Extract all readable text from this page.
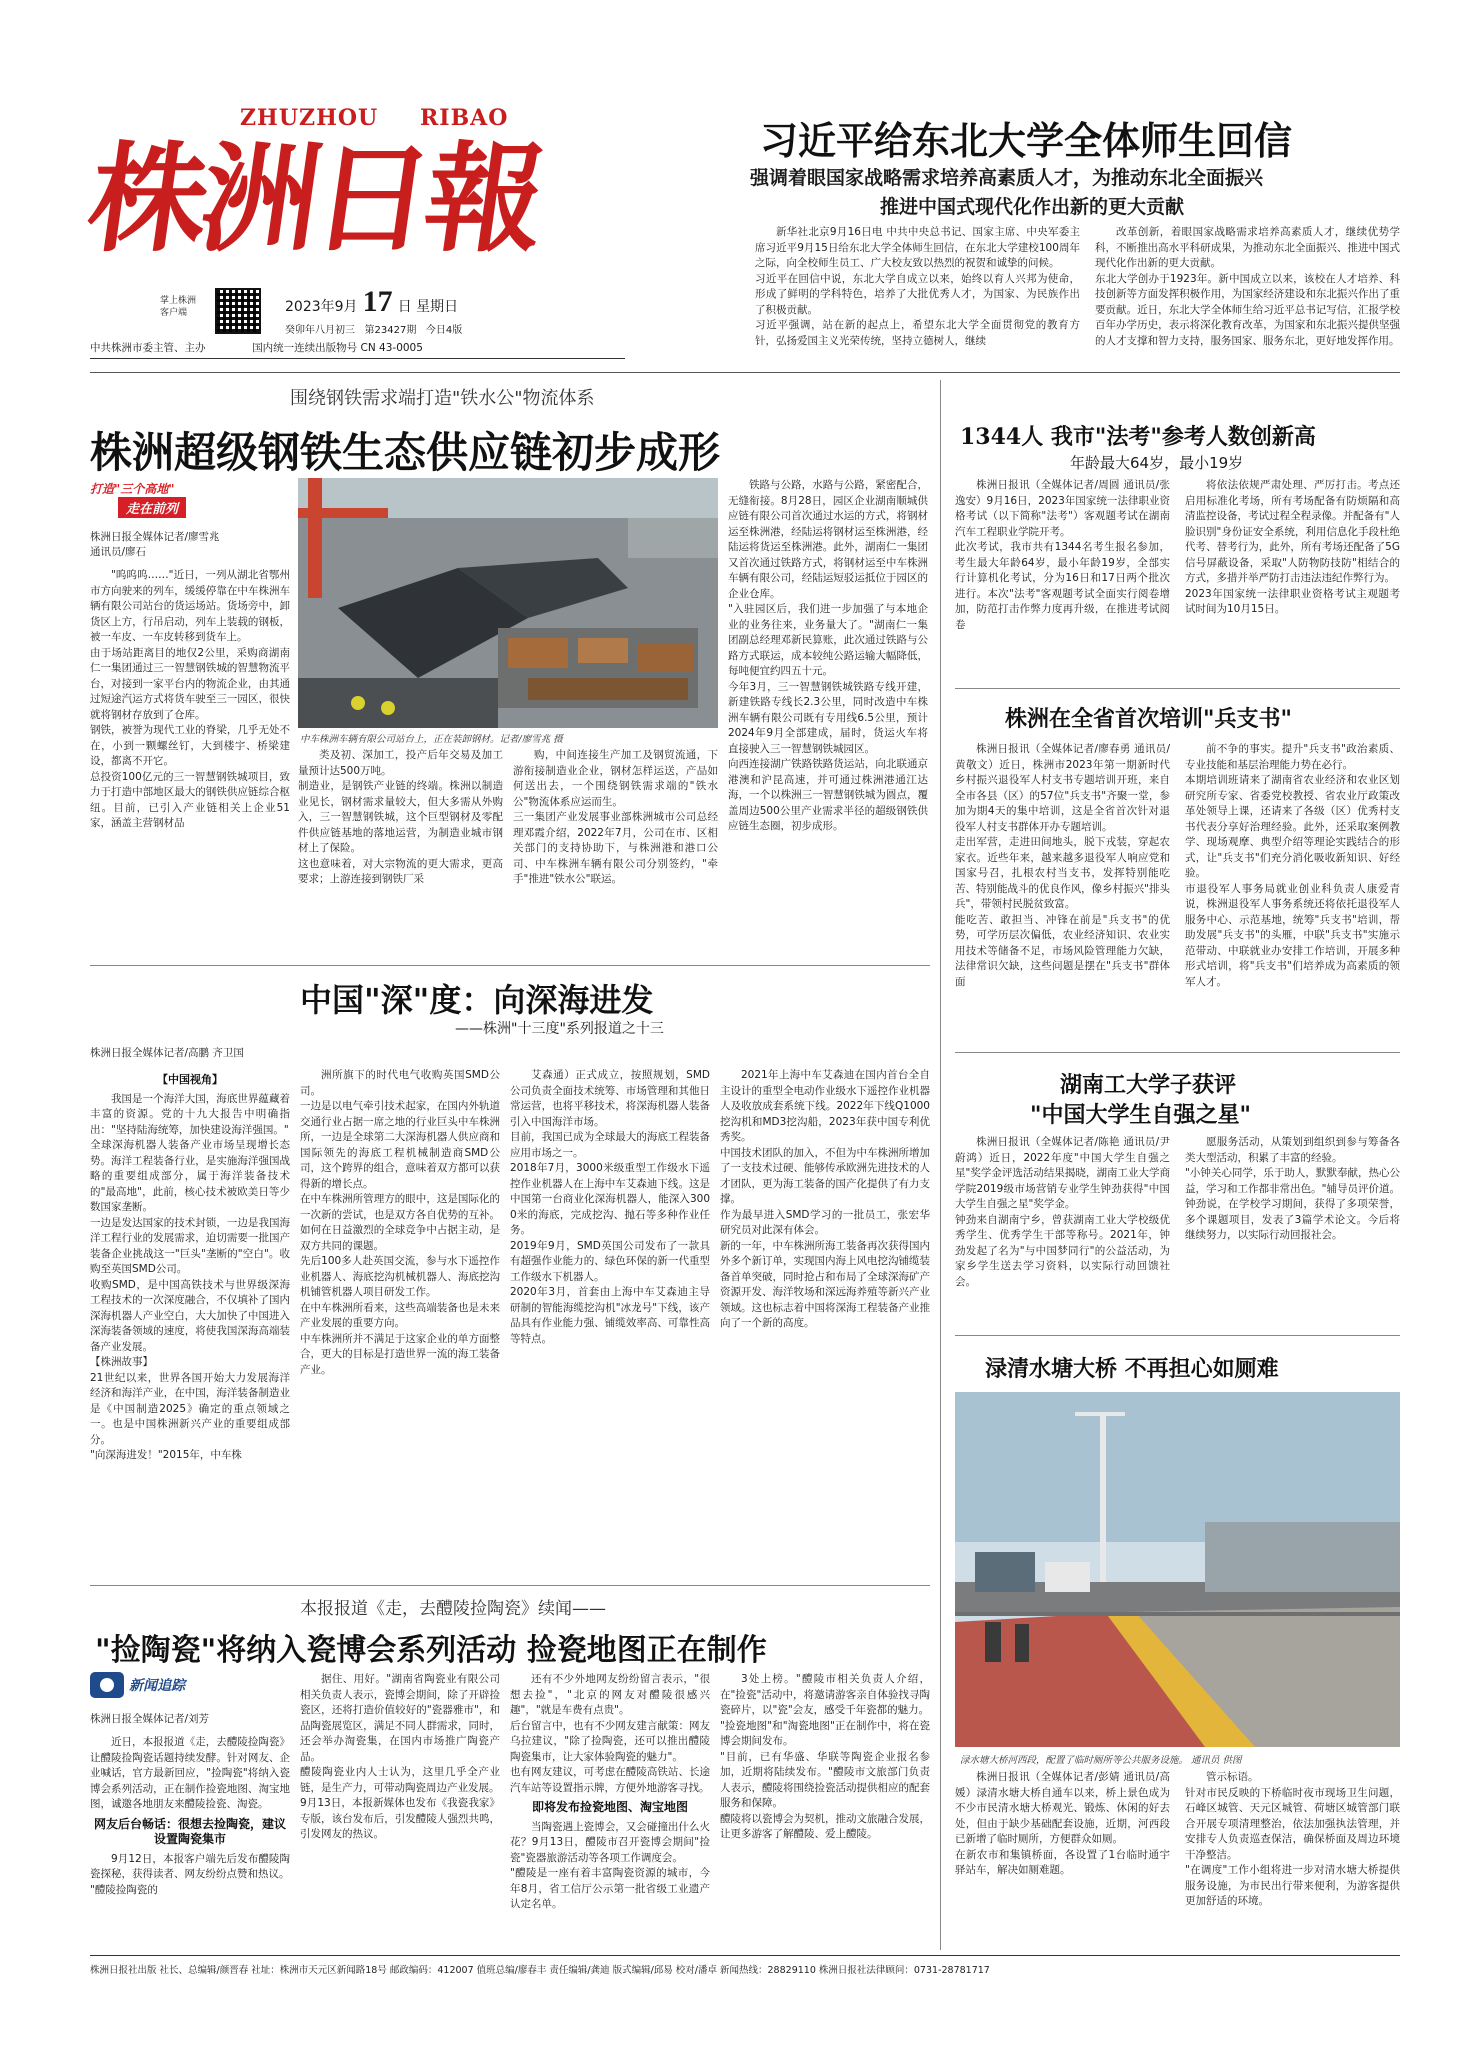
ZHUZHOU RIBAO
株洲日報
掌上株洲
客户端	2023年9月 17 日 星期日
癸卯年八月初三 第23427期 今日4版
中共株洲市委主管、主办	国内统一连续出版物号 CN 43-0005
习近平给东北大学全体师生回信
强调着眼国家战略需求培养高素质人才，为推动东北全面振兴
推进中国式现代化作出新的更大贡献

新华社北京9月16日电 中共中央总书记、国家主席、中央军委主席习近平9月15日给东北大学全体师生回信，在东北大学建校100周年之际，向全校师生员工、广大校友致以热烈的祝贺和诚挚的问候。
习近平在回信中说，东北大学自成立以来，始终以育人兴邦为使命，形成了鲜明的学科特色，培养了大批优秀人才，为国家、为民族作出了积极贡献。
习近平强调，站在新的起点上，希望东北大学全面贯彻党的教育方针，弘扬爱国主义光荣传统，坚持立德树人，继续

改革创新，着眼国家战略需求培养高素质人才，继续优势学科，不断推出高水平科研成果，为推动东北全面振兴、推进中国式现代化作出新的更大贡献。
东北大学创办于1923年。新中国成立以来，该校在人才培养、科技创新等方面发挥积极作用，为国家经济建设和东北振兴作出了重要贡献。近日，东北大学全体师生给习近平总书记写信，汇报学校百年办学历史，表示将深化教育改革，为国家和东北振兴提供坚强的人才支撑和智力支持，服务国家、服务东北，更好地发挥作用。

围绕钢铁需求端打造"铁水公"物流体系
株洲超级钢铁生态供应链初步成形
打造"三个高地"
走在前列
株洲日报全媒体记者/廖雪兆
通讯员/廖石

"呜呜呜……"近日，一列从湖北省鄂州市方向驶来的列车，缓缓停靠在中车株洲车辆有限公司站台的货运场站。货场旁中，卸货区上方，行吊启动，列车上装载的钢板，被一车皮、一车皮转移到货车上。
由于场站距离目的地仅2公里，采购商湖南仁一集团通过三一智慧钢铁城的智慧物流平台，对接到一家平台内的物流企业，由其通过短途汽运方式将货车驶至三一园区，很快就将钢材存放到了仓库。
钢铁，被誉为现代工业的脊梁，几乎无处不在，小到一颗螺丝钉，大到楼宇、桥梁建设，都离不开它。
总投资100亿元的三一智慧钢铁城项目，致力于打造中部地区最大的钢铁供应链综合枢纽。目前，已引入产业链相关上企业51家，涵盖主营钢材品

中车株洲车辆有限公司站台上，正在装卸钢材。记者/廖雪兆 摄

类及初、深加工，投产后年交易及加工量预计达500万吨。
制造业，是钢铁产业链的终端。株洲以制造业见长，钢材需求量较大，但大多需从外购入，三一智慧钢铁城，这个巨型钢材及零配件供应链基地的落地运营，为制造业城市钢材上了保险。
这也意味着，对大宗物流的更大需求，更高要求；上游连接到钢铁厂采

购，中间连接生产加工及钢贸流通，下游衔接制造业企业，钢材怎样运送，产品如何送出去，一个围绕钢铁需求端的"铁水公"物流体系应运而生。
三一集团产业发展事业部株洲城市公司总经理邓霞介绍，2022年7月，公司在市、区相关部门的支持协助下，与株洲港和港口公司、中车株洲车辆有限公司分别签约，"牵手"推进"铁水公"联运。

铁路与公路，水路与公路，紧密配合，无缝衔接。8月28日，园区企业湖南顺城供应链有限公司首次通过水运的方式，将钢材运至株洲港，经陆运将钢材运至株洲港，经陆运将货运至株洲港。此外，湖南仁一集团又首次通过铁路方式，将钢材运至中车株洲车辆有限公司，经陆运短驳运抵位于园区的企业仓库。
"入驻园区后，我们进一步加强了与本地企业的业务往来，业务量大了。"湖南仁一集团副总经理邓新民算账，此次通过铁路与公路方式联运，成本较纯公路运输大幅降低，每吨便宜约四五十元。
今年3月，三一智慧钢铁城铁路专线开建，新建铁路专线长2.3公里，同时改造中车株洲车辆有限公司既有专用线6.5公里，预计2024年9月全部建成，届时，货运火车将直接驶入三一智慧钢铁城园区。
向西连接湖广铁路铁路货运站，向北联通京港澳和沪昆高速，并可通过株洲港通江达海，一个以株洲三一智慧钢铁城为圆点，覆盖周边500公里产业需求半径的超级钢铁供应链生态圈，初步成形。

1344人 我市"法考"参考人数创新高
年龄最大64岁，最小19岁

株洲日报讯（全媒体记者/周圆 通讯员/张逸安）9月16日，2023年国家统一法律职业资格考试（以下简称"法考"）客观题考试在湖南汽车工程职业学院开考。
此次考试，我市共有1344名考生报名参加，考生最大年龄64岁，最小年龄19岁，全部实行计算机化考试，分为16日和17日两个批次进行。本次"法考"客观题考试全面实行阅卷增加，防范打击作弊力度再升级，在推进考试阅卷

将依法依规严肃处理、严厉打击。考点还启用标准化考场，所有考场配备有防烦隔和高清监控设备，考试过程全程录像。并配备有"人脸识别"身份证安全系统，利用信息化手段杜绝代考、替考行为，此外，所有考场还配备了5G信号屏蔽设备，采取"人防物防技防"相结合的方式，多措并举严防打击违法违纪作弊行为。
2023年国家统一法律职业资格考试主观题考试时间为10月15日。

株洲在全省首次培训"兵支书"

株洲日报讯（全媒体记者/廖春勇 通讯员/黄敬文）近日，株洲市2023年第一期新时代乡村振兴退役军人村支书专题培训开班，来自全市各县（区）的57位"兵支书"齐聚一堂，参加为期4天的集中培训，这是全省首次针对退役军人村支书群体开办专题培训。
走出军营，走进田间地头，脱下戎装，穿起农家衣。近些年来，越来越多退役军人响应党和国家号召，扎根农村当支书，发挥特别能吃苦、特别能战斗的优良作风，像乡村振兴"排头兵"，带领村民脱贫致富。
能吃苦、敢担当、冲锋在前是"兵支书"的优势，可学历层次偏低，农业经济知识、农业实用技术等储备不足，市场风险管理能力欠缺，法律常识欠缺，这些问题是摆在"兵支书"群体面

前不争的事实。提升"兵支书"政治素质、专业技能和基层治理能力势在必行。
本期培训班请来了湖南省农业经济和农业区划研究所专家、省委党校教授、省农业厅政策改革处领导上课，还请来了各级（区）优秀村支书代表分享好治理经验。此外，还采取案例教学、现场观摩、典型介绍等理论实践结合的形式，让"兵支书"们充分消化吸收新知识、好经验。
市退役军人事务局就业创业科负责人康爱青说，株洲退役军人事务系统还将依托退役军人服务中心、示范基地，统筹"兵支书"培训，帮助发展"兵支书"的头雁，中联"兵支书"实施示范带动、中联就业办安排工作培训，开展多种形式培训，将"兵支书"们培养成为高素质的领军人才。

湖南工大学子获评
"中国大学生自强之星"

株洲日报讯（全媒体记者/陈艳 通讯员/尹蔚鸿）近日，2022年度"中国大学生自强之星"奖学金评选活动结果揭晓，湖南工业大学商学院2019级市场营销专业学生钟劲获得"中国大学生自强之星"奖学金。
钟劲来自湖南宁乡，曾获湖南工业大学校级优秀学生、优秀学生干部等称号。2021年，钟劲发起了名为"与中国梦同行"的公益活动，为家乡学生送去学习资料，以实际行动回馈社会。

愿服务活动，从策划到组织到参与筹备各类大型活动，积累了丰富的经验。
"小钟关心同学，乐于助人，默默奉献，热心公益，学习和工作都非常出色。"辅导员评价道。钟劲说，在学校学习期间，获得了多项荣誉，多个课题项目，发表了3篇学术论文。今后将继续努力，以实际行动回报社会。

渌清水塘大桥 不再担心如厕难
渌水塘大桥河西段，配置了临时厕所等公共服务设施。 通讯员 供图

株洲日报讯（全媒体记者/彭婧 通讯员/高媛）渌清水塘大桥自通车以来，桥上景色成为不少市民清水塘大桥观光、锻炼、休闲的好去处，但由于缺少基础配套设施，近期，河西段已新增了临时厕所，方便群众如厕。
在新农市和集镇桥面，各设置了1台临时通宇驿站车，解决如厕难题。

管示标语。
针对市民反映的下桥临时夜市现场卫生问题，石峰区城管、天元区城管、荷塘区城管部门联合开展专项清理整治，依法加强执法管理，并安排专人负责巡查保洁，确保桥面及周边环境干净整洁。
"在调度"工作小组将进一步对清水塘大桥提供服务设施，为市民出行带来便利，为游客提供更加舒适的环境。

中国"深"度：向深海进发
——株洲"十三度"系列报道之十三
株洲日报全媒体记者/高鹏 齐卫国
【中国视角】

我国是一个海洋大国，海底世界蕴藏着丰富的资源。党的十九大报告中明确指出："坚持陆海统筹，加快建设海洋强国。"
全球深海机器人装备产业市场呈现增长态势。海洋工程装备行业，是实施海洋强国战略的重要组成部分，属于海洋装备技术的"最高地"，此前，核心技术被欧美日等少数国家垄断。
一边是发达国家的技术封锁，一边是我国海洋工程行业的发展需求，迫切需要一批国产装备企业挑战这一"巨头"垄断的"空白"。收购至英国SMD公司。
收购SMD，是中国高铁技术与世界级深海工程技术的一次深度融合，不仅填补了国内深海机器人产业空白，大大加快了中国进入深海装备领域的速度，将使我国深海高端装备产业发展。
【株洲故事】
21世纪以来，世界各国开始大力发展海洋经济和海洋产业，在中国，海洋装备制造业是《中国制造2025》确定的重点领域之一。也是中国株洲新兴产业的重要组成部分。
"向深海进发！"2015年，中车株

洲所旗下的时代电气收购英国SMD公司。
一边是以电气牵引技术起家，在国内外轨道交通行业占据一席之地的行业巨头中车株洲所，一边是全球第二大深海机器人供应商和国际领先的海底工程机械制造商SMD公司，这个跨界的组合，意味着双方都可以获得新的增长点。
在中车株洲所管理方的眼中，这是国际化的一次新的尝试，也是双方各自优势的互补。如何在日益激烈的全球竞争中占据主动，是双方共同的课题。
先后100多人赴英国交流，参与水下遥控作业机器人、海底挖沟机械机器人、海底挖沟机铺管机器人项目研发工作。
在中车株洲所看来，这些高端装备也是未来产业发展的重要方向。
中车株洲所并不满足于这家企业的单方面整合，更大的目标是打造世界一流的海工装备产业。

艾森通）正式成立，按照规划，SMD公司负责全面技术统筹、市场管理和其他日常运营，也将平移技术，将深海机器人装备引入中国海洋市场。
目前，我国已成为全球最大的海底工程装备应用市场之一。
2018年7月，3000米级重型工作级水下遥控作业机器人在上海中车艾森迪下线。这是中国第一台商业化深海机器人，能深入3000米的海底，完成挖沟、抛石等多种作业任务。
2019年9月，SMD英国公司发布了一款具有超强作业能力的、绿色环保的新一代重型工作级水下机器人。
2020年3月，首套由上海中车艾森迪主导研制的智能海缆挖沟机"冰龙号"下线，该产品具有作业能力强、铺缆效率高、可靠性高等特点。

2021年上海中车艾森迪在国内首台全自主设计的重型全电动作业级水下遥控作业机器人及收放成套系统下线。2022年下线Q1000挖沟机和MD3挖沟船，2023年获中国专利优秀奖。
中国技术团队的加入，不但为中车株洲所增加了一支技术过硬、能够传承欧洲先进技术的人才团队，更为海工装备的国产化提供了有力支撑。
作为最早进入SMD学习的一批员工，张宏华研究员对此深有体会。
新的一年，中车株洲所海工装备再次获得国内外多个新订单，实现国内海上风电挖沟铺缆装备首单突破，同时抢占和布局了全球深海矿产资源开发、海洋牧场和深远海养殖等新兴产业领域。这也标志着中国将深海工程装备产业推向了一个新的高度。

本报报道《走，去醴陵捡陶瓷》续闻——
"捡陶瓷"将纳入瓷博会系列活动 捡瓷地图正在制作
新闻追踪
株洲日报全媒体记者/刘芳

近日，本报报道《走，去醴陵捡陶瓷》让醴陵捡陶瓷话题持续发酵。针对网友、企业喊话，官方最新回应，"捡陶瓷"将纳入瓷博会系列活动，正在制作捡瓷地图、淘宝地图，诚邀各地朋友来醴陵捡瓷、淘瓷。

网友后台畅话：很想去捡陶瓷，建议设置陶瓷集市

9月12日，本报客户端先后发布醴陵陶瓷探秘，获得读者、网友纷纷点赞和热议。
"醴陵捡陶瓷的

据住、用好。"湖南省陶瓷业有限公司相关负责人表示，瓷博会期间，除了开辟捡瓷区，还将打造价值较好的"瓷器雅市"，和品陶瓷展览区，满足不同人群需求，同时，还会举办淘瓷集，在国内市场推广陶瓷产品。
醴陵陶瓷业内人士认为，这里几乎全产业链，是生产力，可带动陶瓷周边产业发展。
9月13日，本报新媒体也发布《我瓷我家》专版，该台发布后，引发醴陵人强烈共鸣，引发网友的热议。

还有不少外地网友纷纷留言表示，"很想去捡"，"北京的网友对醴陵很感兴趣"，"就是车费有点贵"。
后台留言中，也有不少网友建言献策：网友乌拉建议，"除了捡陶瓷，还可以推出醴陵陶瓷集市，让大家体验陶瓷的魅力"。
也有网友建议，可考虑在醴陵高铁站、长途汽车站等设置指示牌，方便外地游客寻找。

即将发布捡瓷地图、淘宝地图

当陶瓷遇上瓷博会，又会碰撞出什么火花？9月13日，醴陵市召开瓷博会期间"捡瓷"瓷器旅游活动等各项工作调度会。
"醴陵是一座有着丰富陶瓷资源的城市，今年8月，省工信厅公示第一批省级工业遗产认定名单。

3处上榜。"醴陵市相关负责人介绍，在"捡瓷"活动中，将邀请游客亲自体验找寻陶瓷碎片，以"瓷"会友，感受千年瓷都的魅力。
"捡瓷地图"和"淘瓷地图"正在制作中，将在瓷博会期间发布。
"目前，已有华盛、华联等陶瓷企业报名参加，近期将陆续发布。"醴陵市文旅部门负责人表示，醴陵将围绕捡瓷活动提供相应的配套服务和保障。
醴陵将以瓷博会为契机，推动文旅融合发展，让更多游客了解醴陵、爱上醴陵。

株洲日报社出版 社长、总编辑/颜晋春 社址：株洲市天元区新闻路18号 邮政编码：412007 值班总编/廖春丰 责任编辑/龚迪 版式编辑/邱易 校对/潘卓 新闻热线：28829110 株洲日报社法律顾问：0731-28781717
